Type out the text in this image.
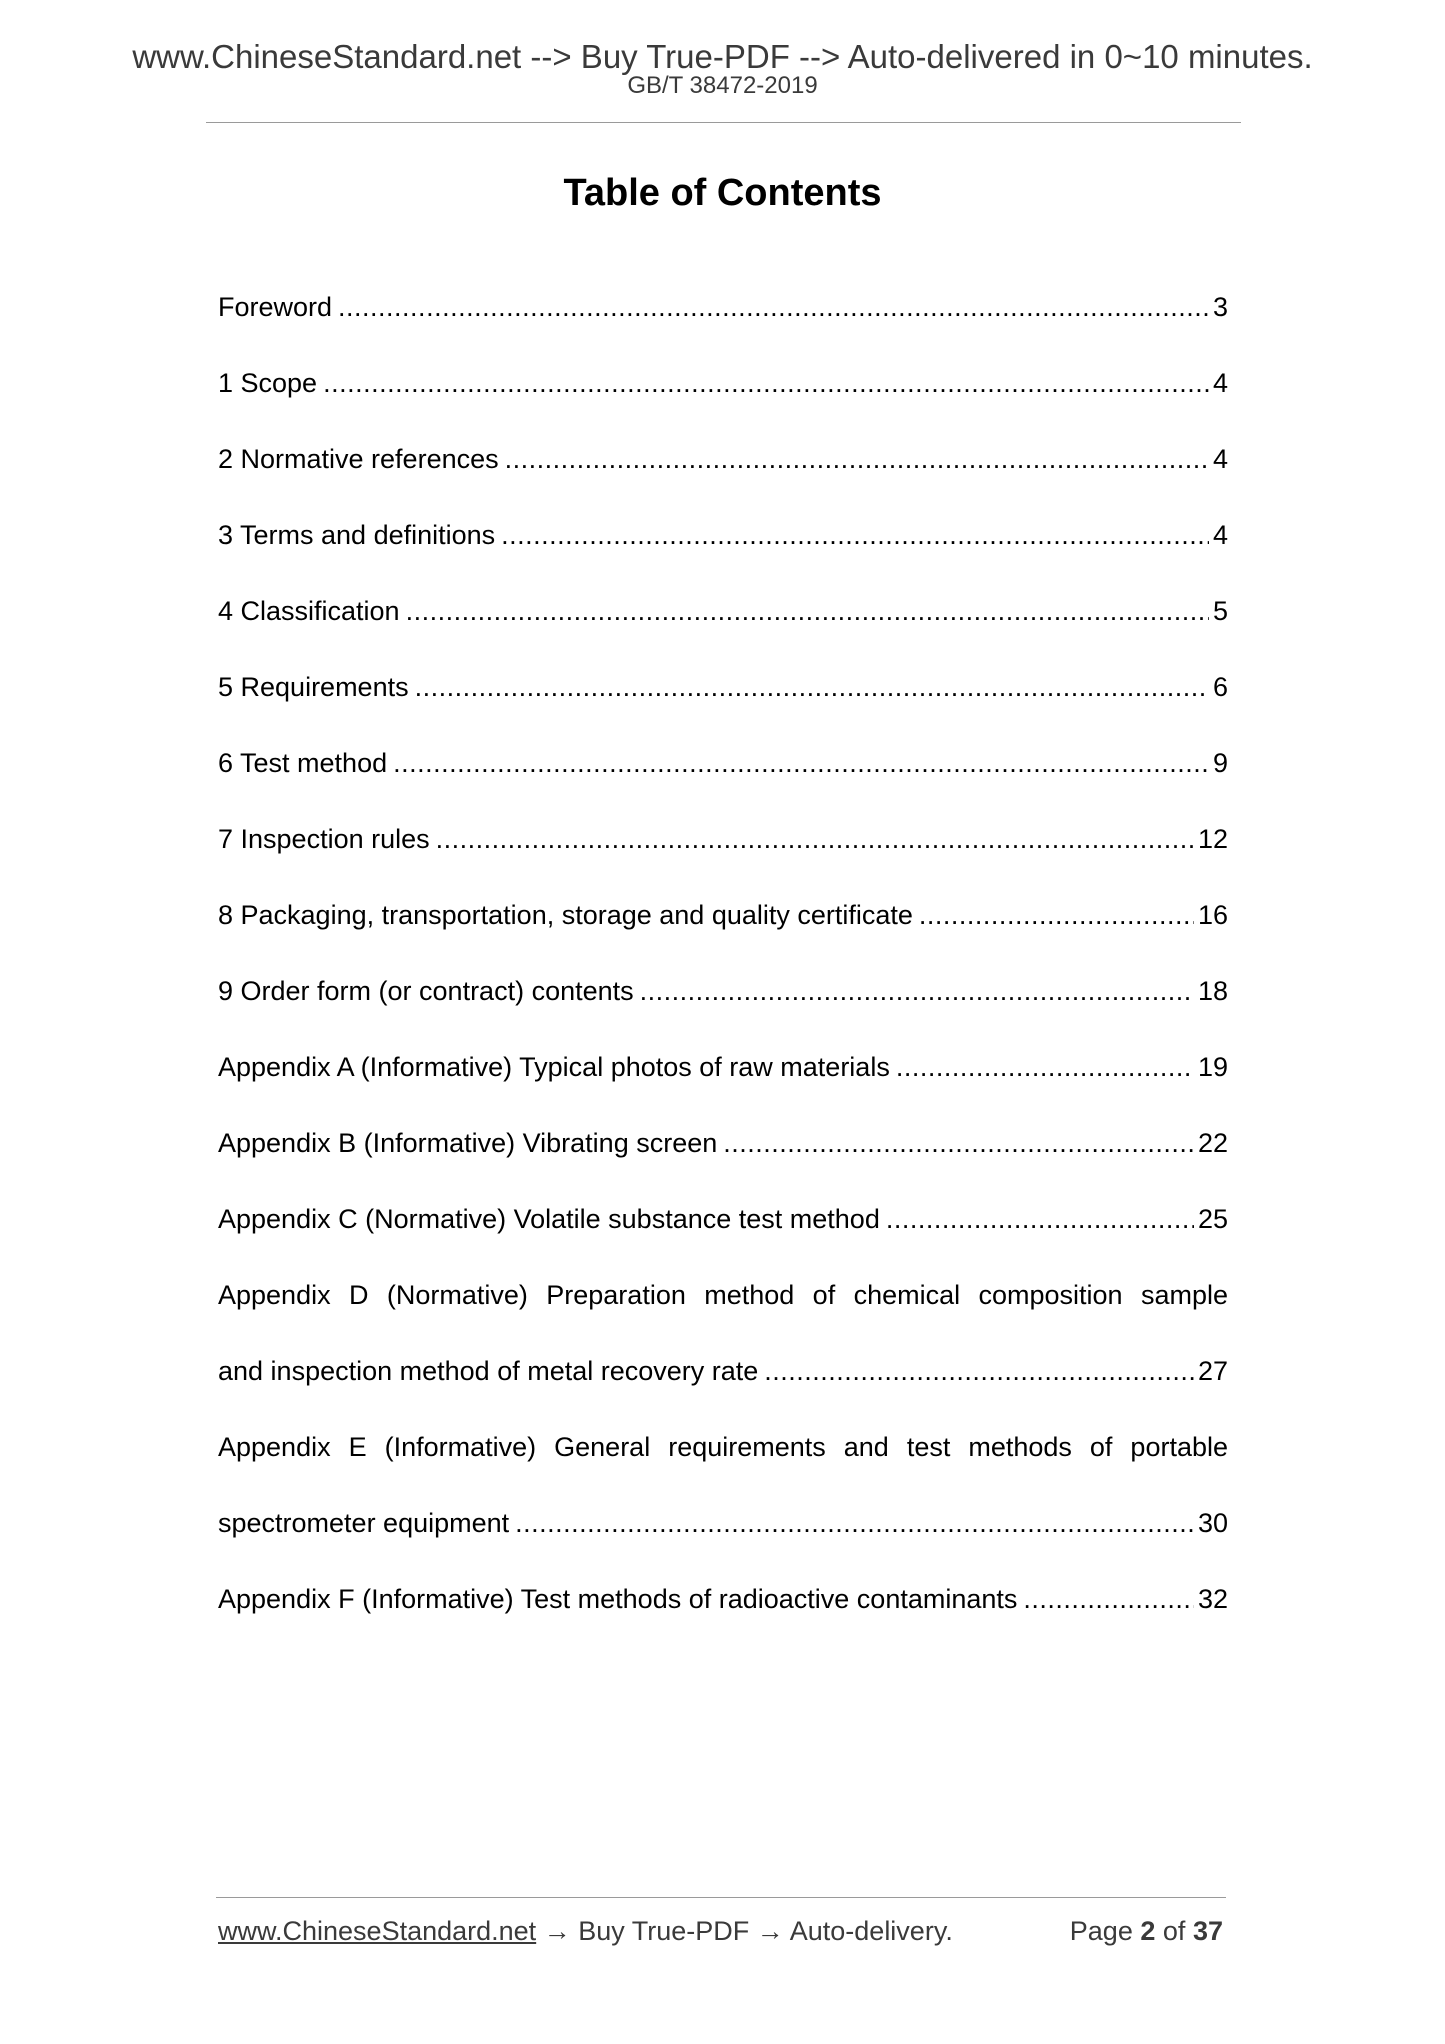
www.ChineseStandard.net --> Buy True-PDF --> Auto-delivered in 0~10 minutes.
GB/T 38472-2019
Table of Contents
Foreword .....	3
1 Scope .....	4
2 Normative references .....	4
3 Terms and definitions .....	4
4 Classification .....	5
5 Requirements .....	6
6 Test method .....	9
7 Inspection rules .....	12
8 Packaging, transportation, storage and quality certificate .....	16
9 Order form (or contract) contents .....	18
Appendix A (Informative) Typical photos of raw materials .....	19
Appendix B (Informative) Vibrating screen .....	22
Appendix C (Normative) Volatile substance test method .....	25
Appendix D (Normative) Preparation method of chemical composition sample
and inspection method of metal recovery rate .....	27
Appendix E (Informative) General requirements and test methods of portable
spectrometer equipment .....	30
Appendix F (Informative) Test methods of radioactive contaminants .....	32
www.ChineseStandard.net → Buy True-PDF → Auto-delivery.	Page 2 of 37
